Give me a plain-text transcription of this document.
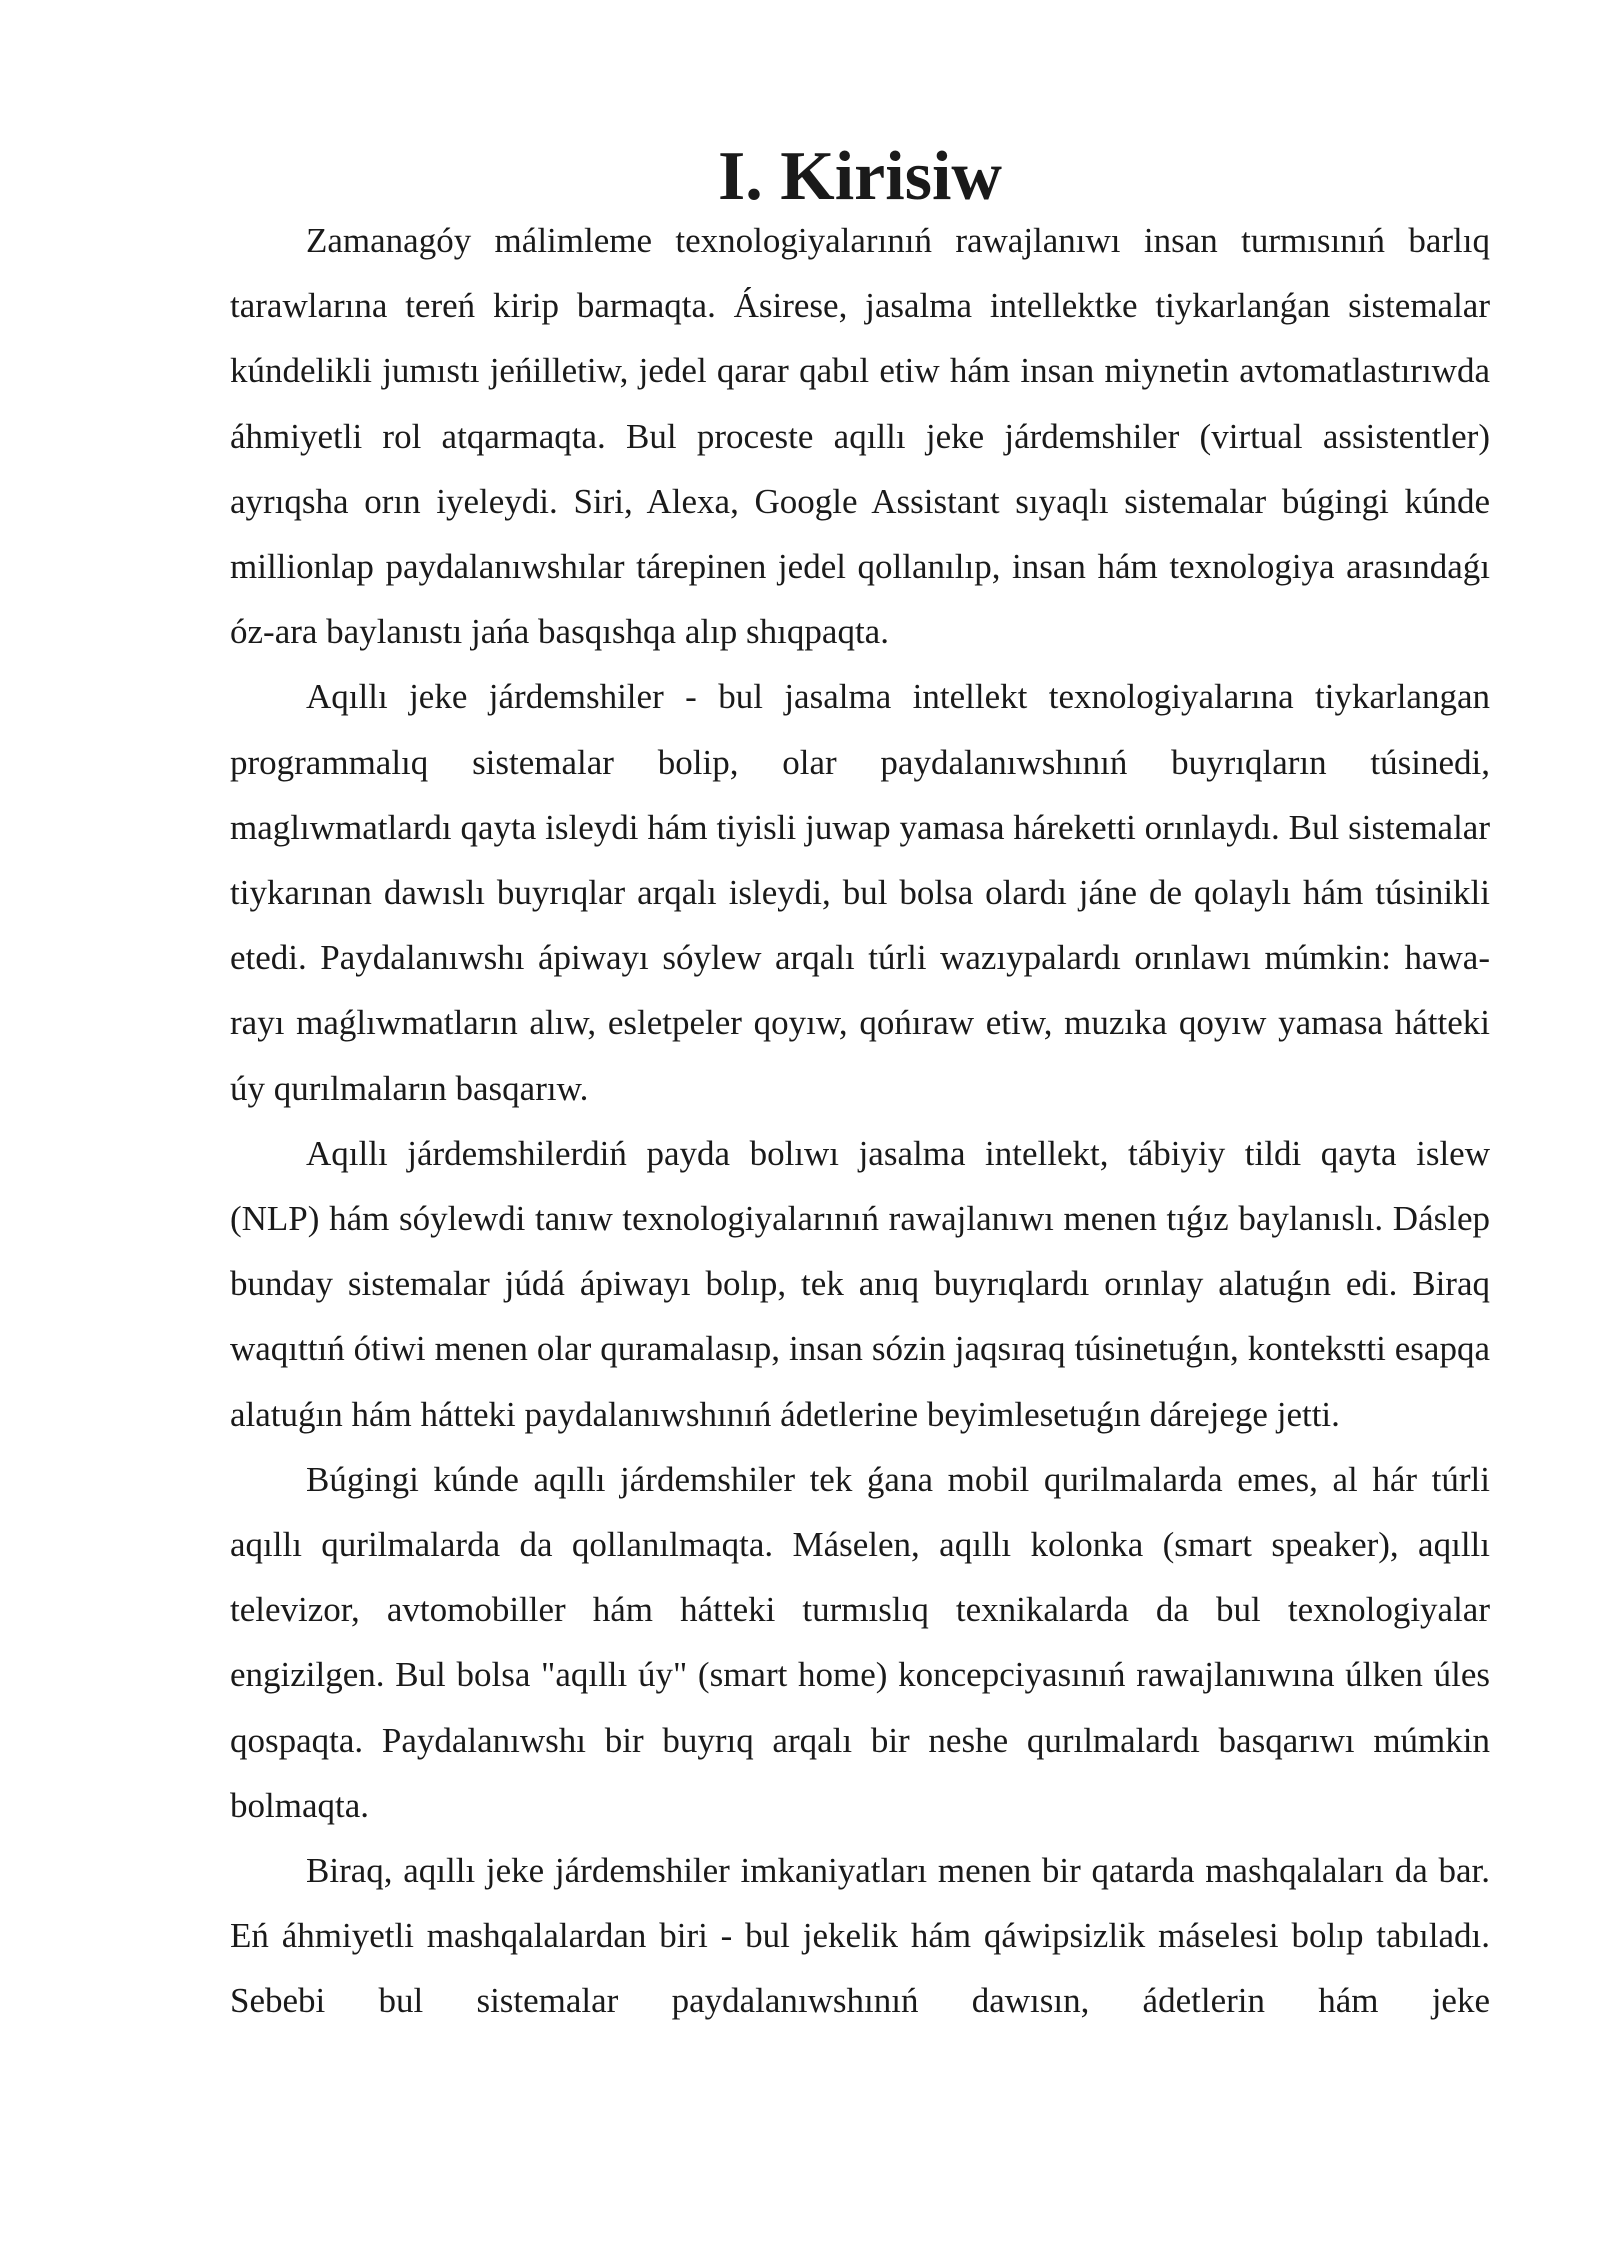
I. Kirisiw

Zamanagóy málimleme texnologiyalarınıń rawajlanıwı insan turmısınıń barlıq tarawlarına tereń kirip barmaqta. Ásirese, jasalma intellektke tiykarlanǵan sistemalar kúndelikli jumıstı jeńilletiw, jedel qarar qabıl etiw hám insan miynetin avtomatlastırıwda áhmiyetli rol atqarmaqta. Bul proceste aqıllı jeke járdemshiler (virtual assistentler) ayrıqsha orın iyeleydi. Siri, Alexa, Google Assistant sıyaqlı sistemalar búgingi kúnde millionlap paydalanıwshılar tárepinen jedel qollanılıp, insan hám texnologiya arasındaǵı óz-ara baylanıstı jańa basqıshqa alıp shıqpaqta.

Aqıllı jeke járdemshiler - bul jasalma intellekt texnologiyalarına tiykarlangan programmalıq sistemalar bolip, olar paydalanıwshınıń buyrıqların túsinedi, maglıwmatlardı qayta isleydi hám tiyisli juwap yamasa háreketti orınlaydı. Bul sistemalar tiykarınan dawıslı buyrıqlar arqalı isleydi, bul bolsa olardı jáne de qolaylı hám túsinikli etedi. Paydalanıwshı ápiwayı sóylew arqalı túrli wazıypalardı orınlawı múmkin: hawa-rayı maǵlıwmatların alıw, esletpeler qoyıw, qońıraw etiw, muzıka qoyıw yamasa hátteki úy qurılmaların basqarıw.

Aqıllı járdemshilerdiń payda bolıwı jasalma intellekt, tábiyiy tildi qayta islew (NLP) hám sóylewdi tanıw texnologiyalarınıń rawajlanıwı menen tıǵız baylanıslı. Dáslep bunday sistemalar júdá ápiwayı bolıp, tek anıq buyrıqlardı orınlay alatuǵın edi. Biraq waqıttıń ótiwi menen olar quramalasıp, insan sózin jaqsıraq túsinetuǵın, kontekstti esapqa alatuǵın hám hátteki paydalanıwshınıń ádetlerine beyimlesetuǵın dárejege jetti.

Búgingi kúnde aqıllı járdemshiler tek ǵana mobil qurilmalarda emes, al hár túrli aqıllı qurilmalarda da qollanılmaqta. Máselen, aqıllı kolonka (smart speaker), aqıllı televizor, avtomobiller hám hátteki turmıslıq texnikalarda da bul texnologiyalar engizilgen. Bul bolsa "aqıllı úy" (smart home) koncepciyasınıń rawajlanıwına úlken úles qospaqta. Paydalanıwshı bir buyrıq arqalı bir neshe qurılmalardı basqarıwı múmkin bolmaqta.

Biraq, aqıllı jeke járdemshiler imkaniyatları menen bir qatarda mashqalaları da bar. Eń áhmiyetli mashqalalardan biri - bul jekelik hám qáwipsizlik máselesi bolıp tabıladı. Sebebi bul sistemalar paydalanıwshınıń dawısın, ádetlerin hám jeke
